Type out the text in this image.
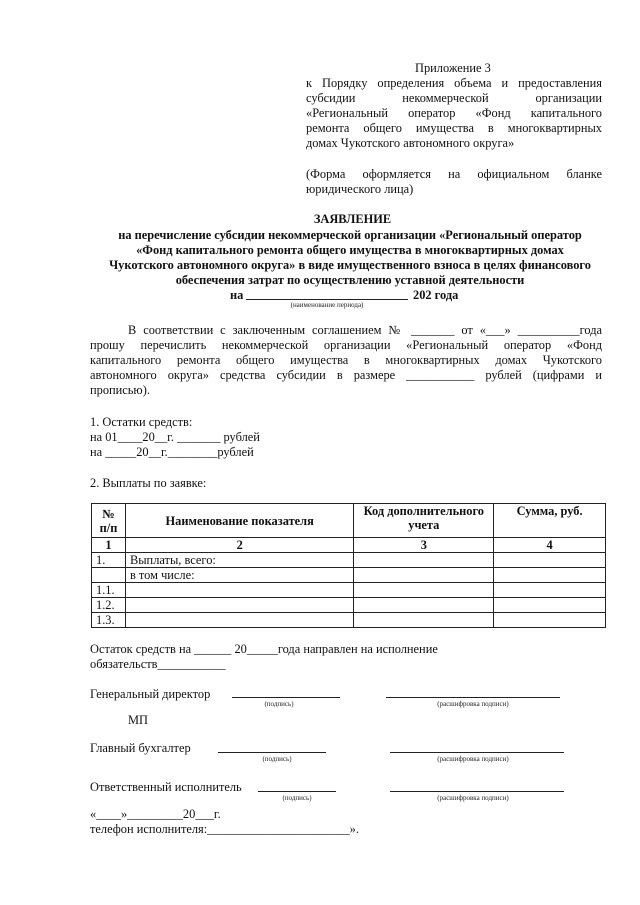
Приложение 3
к Порядку определения объема и предоставления
субсидии некоммерческой организации
«Региональный оператор «Фонд капитального
ремонта общего имущества в многоквартирных
домах Чукотского автономного округа»
(Форма оформляется на официальном бланке
юридического лица)
ЗАЯВЛЕНИЕ
на перечисление субсидии некоммерческой организации «Региональный оператор
«Фонд капитального ремонта общего имущества в многоквартирных домах
Чукотского автономного округа» в виде имущественного взноса в целях финансового
обеспечения затрат по осуществлению уставной деятельности
на	202 года
(наименование периода)
В соответствии с заключенным соглашением № _______ от «___» __________года
прошу перечислить некоммерческой организации «Региональный оператор «Фонд
капитального ремонта общего имущества в многоквартирных домах Чукотского
автономного округа» средства субсидии в размере ___________ рублей (цифрами и
прописью).
1. Остатки средств:
на 01____20__г. _______ рублей
на _____20__г.________рублей
2. Выплаты по заявке:
№ п/п	Наименование показателя	Код дополнительного учета	Сумма, руб.
1	2	3	4
1.	Выплаты, всего:		
	в том числе:		
1.1.			
1.2.			
1.3.			
Остаток средств на ______ 20_____года направлен на исполнение
обязательств___________
Генеральный директор
(подпись)	(расшифровка подписи)
МП
Главный бухгалтер
(подпись)	(расшифровка подписи)
Ответственный исполнитель
(подпись)	(расшифровка подписи)
«____»_________20___г.
телефон исполнителя:_______________________».
